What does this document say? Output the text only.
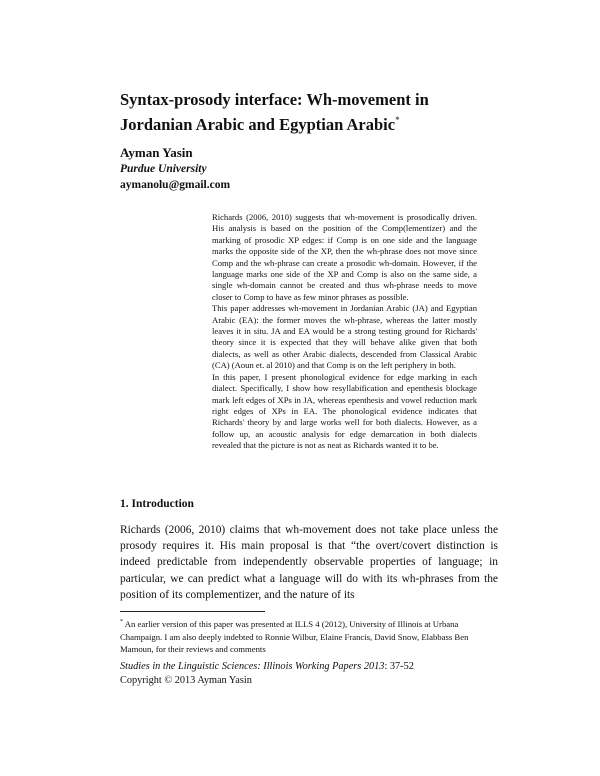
Syntax-prosody interface: Wh-movement in Jordanian Arabic and Egyptian Arabic*
Ayman Yasin
Purdue University
aymanolu@gmail.com

Richards (2006, 2010) suggests that wh-movement is prosodically driven. His analysis is based on the position of the Comp(lementizer) and the marking of prosodic XP edges: if Comp is on one side and the language marks the opposite side of the XP, then the wh-phrase does not move since Comp and the wh-phrase can create a prosodic wh-domain. However, if the language marks one side of the XP and Comp is also on the same side, a single wh-domain cannot be created and thus wh-phrase needs to move closer to Comp to have as few minor phrases as possible.

This paper addresses wh-movement in Jordanian Arabic (JA) and Egyptian Arabic (EA): the former moves the wh-phrase, whereas the latter mostly leaves it in situ. JA and EA would be a strong testing ground for Richards' theory since it is expected that they will behave alike given that both dialects, as well as other Arabic dialects, descended from Classical Arabic (CA) (Aoun et. al 2010) and that Comp is on the left periphery in both.

In this paper, I present phonological evidence for edge marking in each dialect. Specifically, I show how resyllabification and epenthesis blockage mark left edges of XPs in JA, whereas epenthesis and vowel reduction mark right edges of XPs in EA. The phonological evidence indicates that Richards' theory by and large works well for both dialects. However, as a follow up, an acoustic analysis for edge demarcation in both dialects revealed that the picture is not as neat as Richards wanted it to be.

1. Introduction

Richards (2006, 2010) claims that wh-movement does not take place unless the prosody requires it. His main proposal is that “the overt/covert distinction is indeed predictable from independently observable properties of language; in particular, we can predict what a language will do with its wh-phrases from the position of its complementizer, and the nature of its

* An earlier version of this paper was presented at ILLS 4 (2012), University of Illinois at Urbana Champaign. I am also deeply indebted to Ronnie Wilbur, Elaine Francis, David Snow, Elabbass Ben Mamoun, for their reviews and comments

Studies in the Linguistic Sciences: Illinois Working Papers 2013: 37-52

Copyright © 2013 Ayman Yasin
